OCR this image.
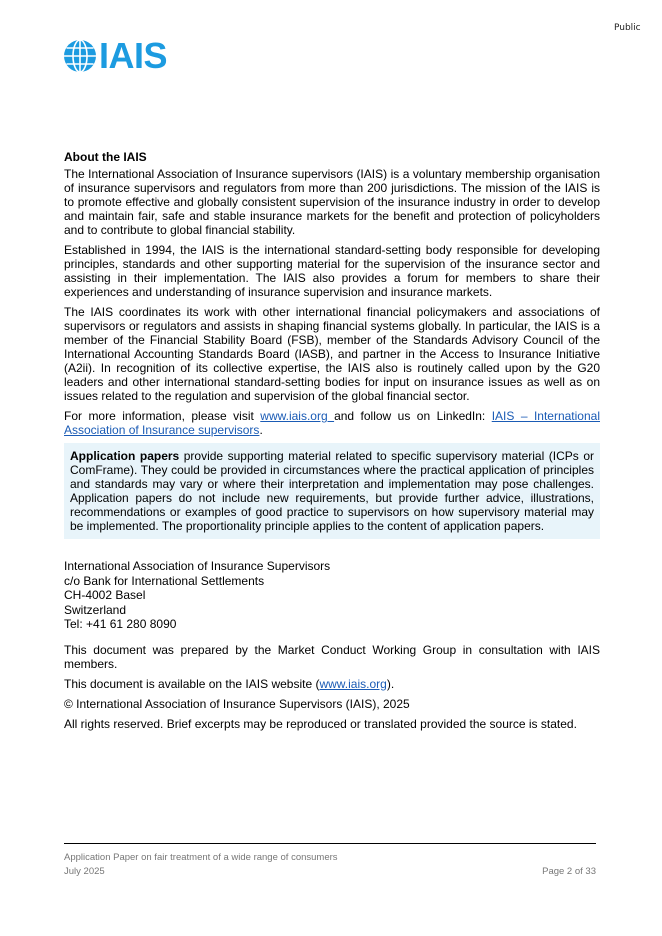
Public
IAIS
About the IAIS

The International Association of Insurance supervisors (IAIS) is a voluntary membership organisation of insurance supervisors and regulators from more than 200 jurisdictions. The mission of the IAIS is to promote effective and globally consistent supervision of the insurance industry in order to develop and maintain fair, safe and stable insurance markets for the benefit and protection of policyholders and to contribute to global financial stability.

Established in 1994, the IAIS is the international standard-setting body responsible for developing principles, standards and other supporting material for the supervision of the insurance sector and assisting in their implementation. The IAIS also provides a forum for members to share their experiences and understanding of insurance supervision and insurance markets.

The IAIS coordinates its work with other international financial policymakers and associations of supervisors or regulators and assists in shaping financial systems globally. In particular, the IAIS is a member of the Financial Stability Board (FSB), member of the Standards Advisory Council of the International Accounting Standards Board (IASB), and partner in the Access to Insurance Initiative (A2ii). In recognition of its collective expertise, the IAIS also is routinely called upon by the G20 leaders and other international standard-setting bodies for input on insurance issues as well as on issues related to the regulation and supervision of the global financial sector.

For more information, please visit www.iais.org and follow us on LinkedIn: IAIS – International Association of Insurance supervisors.

Application papers provide supporting material related to specific supervisory material (ICPs or ComFrame). They could be provided in circumstances where the practical application of principles and standards may vary or where their interpretation and implementation may pose challenges. Application papers do not include new requirements, but provide further advice, illustrations, recommendations or examples of good practice to supervisors on how supervisory material may be implemented. The proportionality principle applies to the content of application papers.
International Association of Insurance Supervisors
c/o Bank for International Settlements
CH-4002 Basel
Switzerland
Tel: +41 61 280 8090

This document was prepared by the Market Conduct Working Group in consultation with IAIS members.

This document is available on the IAIS website (www.iais.org).

© International Association of Insurance Supervisors (IAIS), 2025

All rights reserved. Brief excerpts may be reproduced or translated provided the source is stated.

Application Paper on fair treatment of a wide range of consumers
July 2025	Page 2 of 33
